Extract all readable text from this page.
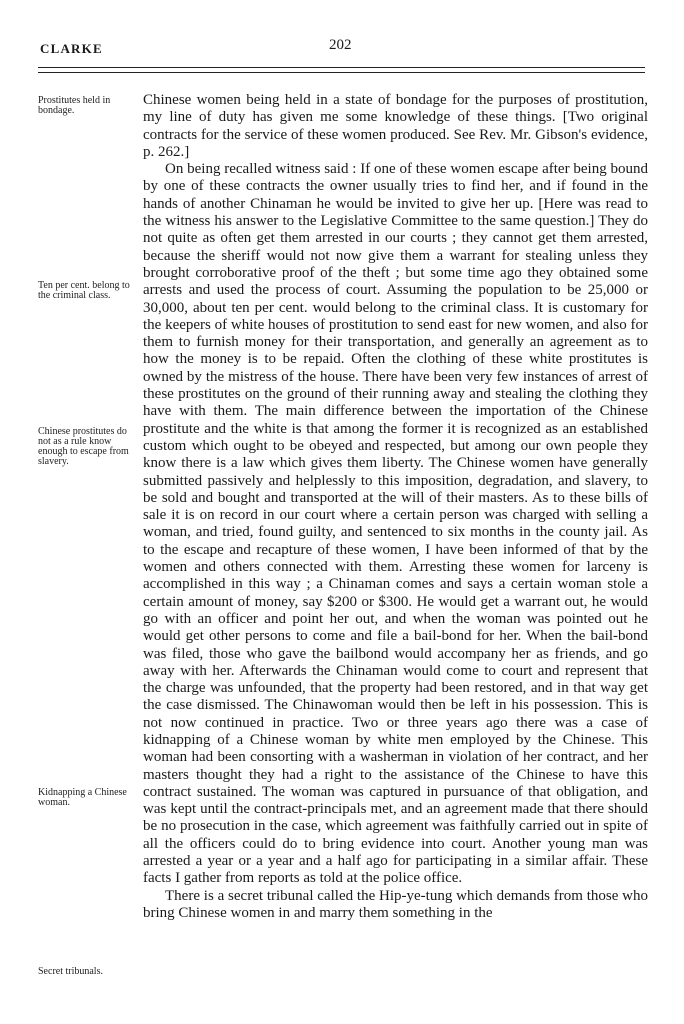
CLARKE	202
Prostitutes held in bondage.
Ten per cent. belong to the criminal class.
Chinese prostitutes do not as a rule know enough to escape from slavery.
Kidnapping a Chinese woman.
Secret tribunals.

Chinese women being held in a state of bondage for the purposes of prostitution, my line of duty has given me some knowledge of these things. [Two original contracts for the service of these women produced. See Rev. Mr. Gibson's evidence, p. 262.]

On being recalled witness said : If one of these women escape after being bound by one of these contracts the owner usually tries to find her, and if found in the hands of another Chinaman he would be invited to give her up. [Here was read to the witness his answer to the Legislative Committee to the same question.] They do not quite as often get them arrested in our courts ; they cannot get them arrested, because the sheriff would not now give them a warrant for stealing unless they brought corroborative proof of the theft ; but some time ago they obtained some arrests and used the process of court. Assuming the population to be 25,000 or 30,000, about ten per cent. would belong to the criminal class. It is customary for the keepers of white houses of prostitution to send east for new women, and also for them to furnish money for their transportation, and generally an agreement as to how the money is to be repaid. Often the clothing of these white prostitutes is owned by the mistress of the house. There have been very few instances of arrest of these prostitutes on the ground of their running away and stealing the clothing they have with them. The main difference between the importation of the Chinese prostitute and the white is that among the former it is recognized as an established custom which ought to be obeyed and respected, but among our own people they know there is a law which gives them liberty. The Chinese women have generally submitted passively and helplessly to this imposition, degradation, and slavery, to be sold and bought and transported at the will of their masters. As to these bills of sale it is on record in our court where a certain person was charged with selling a woman, and tried, found guilty, and sentenced to six months in the county jail. As to the escape and recapture of these women, I have been informed of that by the women and others connected with them. Arresting these women for larceny is accomplished in this way ; a Chinaman comes and says a certain woman stole a certain amount of money, say $200 or $300. He would get a warrant out, he would go with an officer and point her out, and when the woman was pointed out he would get other persons to come and file a bail-bond for her. When the bail-bond was filed, those who gave the bailbond would accompany her as friends, and go away with her. Afterwards the Chinaman would come to court and represent that the charge was unfounded, that the property had been restored, and in that way get the case dismissed. The Chinawoman would then be left in his possession. This is not now continued in practice. Two or three years ago there was a case of kidnapping of a Chinese woman by white men employed by the Chinese. This woman had been consorting with a washerman in violation of her contract, and her masters thought they had a right to the assistance of the Chinese to have this contract sustained. The woman was captured in pursuance of that obligation, and was kept until the contract-principals met, and an agreement made that there should be no prosecution in the case, which agreement was faithfully carried out in spite of all the officers could do to bring evidence into court. Another young man was arrested a year or a year and a half ago for participating in a similar affair. These facts I gather from reports as told at the police office.

There is a secret tribunal called the Hip-ye-tung which demands from those who bring Chinese women in and marry them something in the
